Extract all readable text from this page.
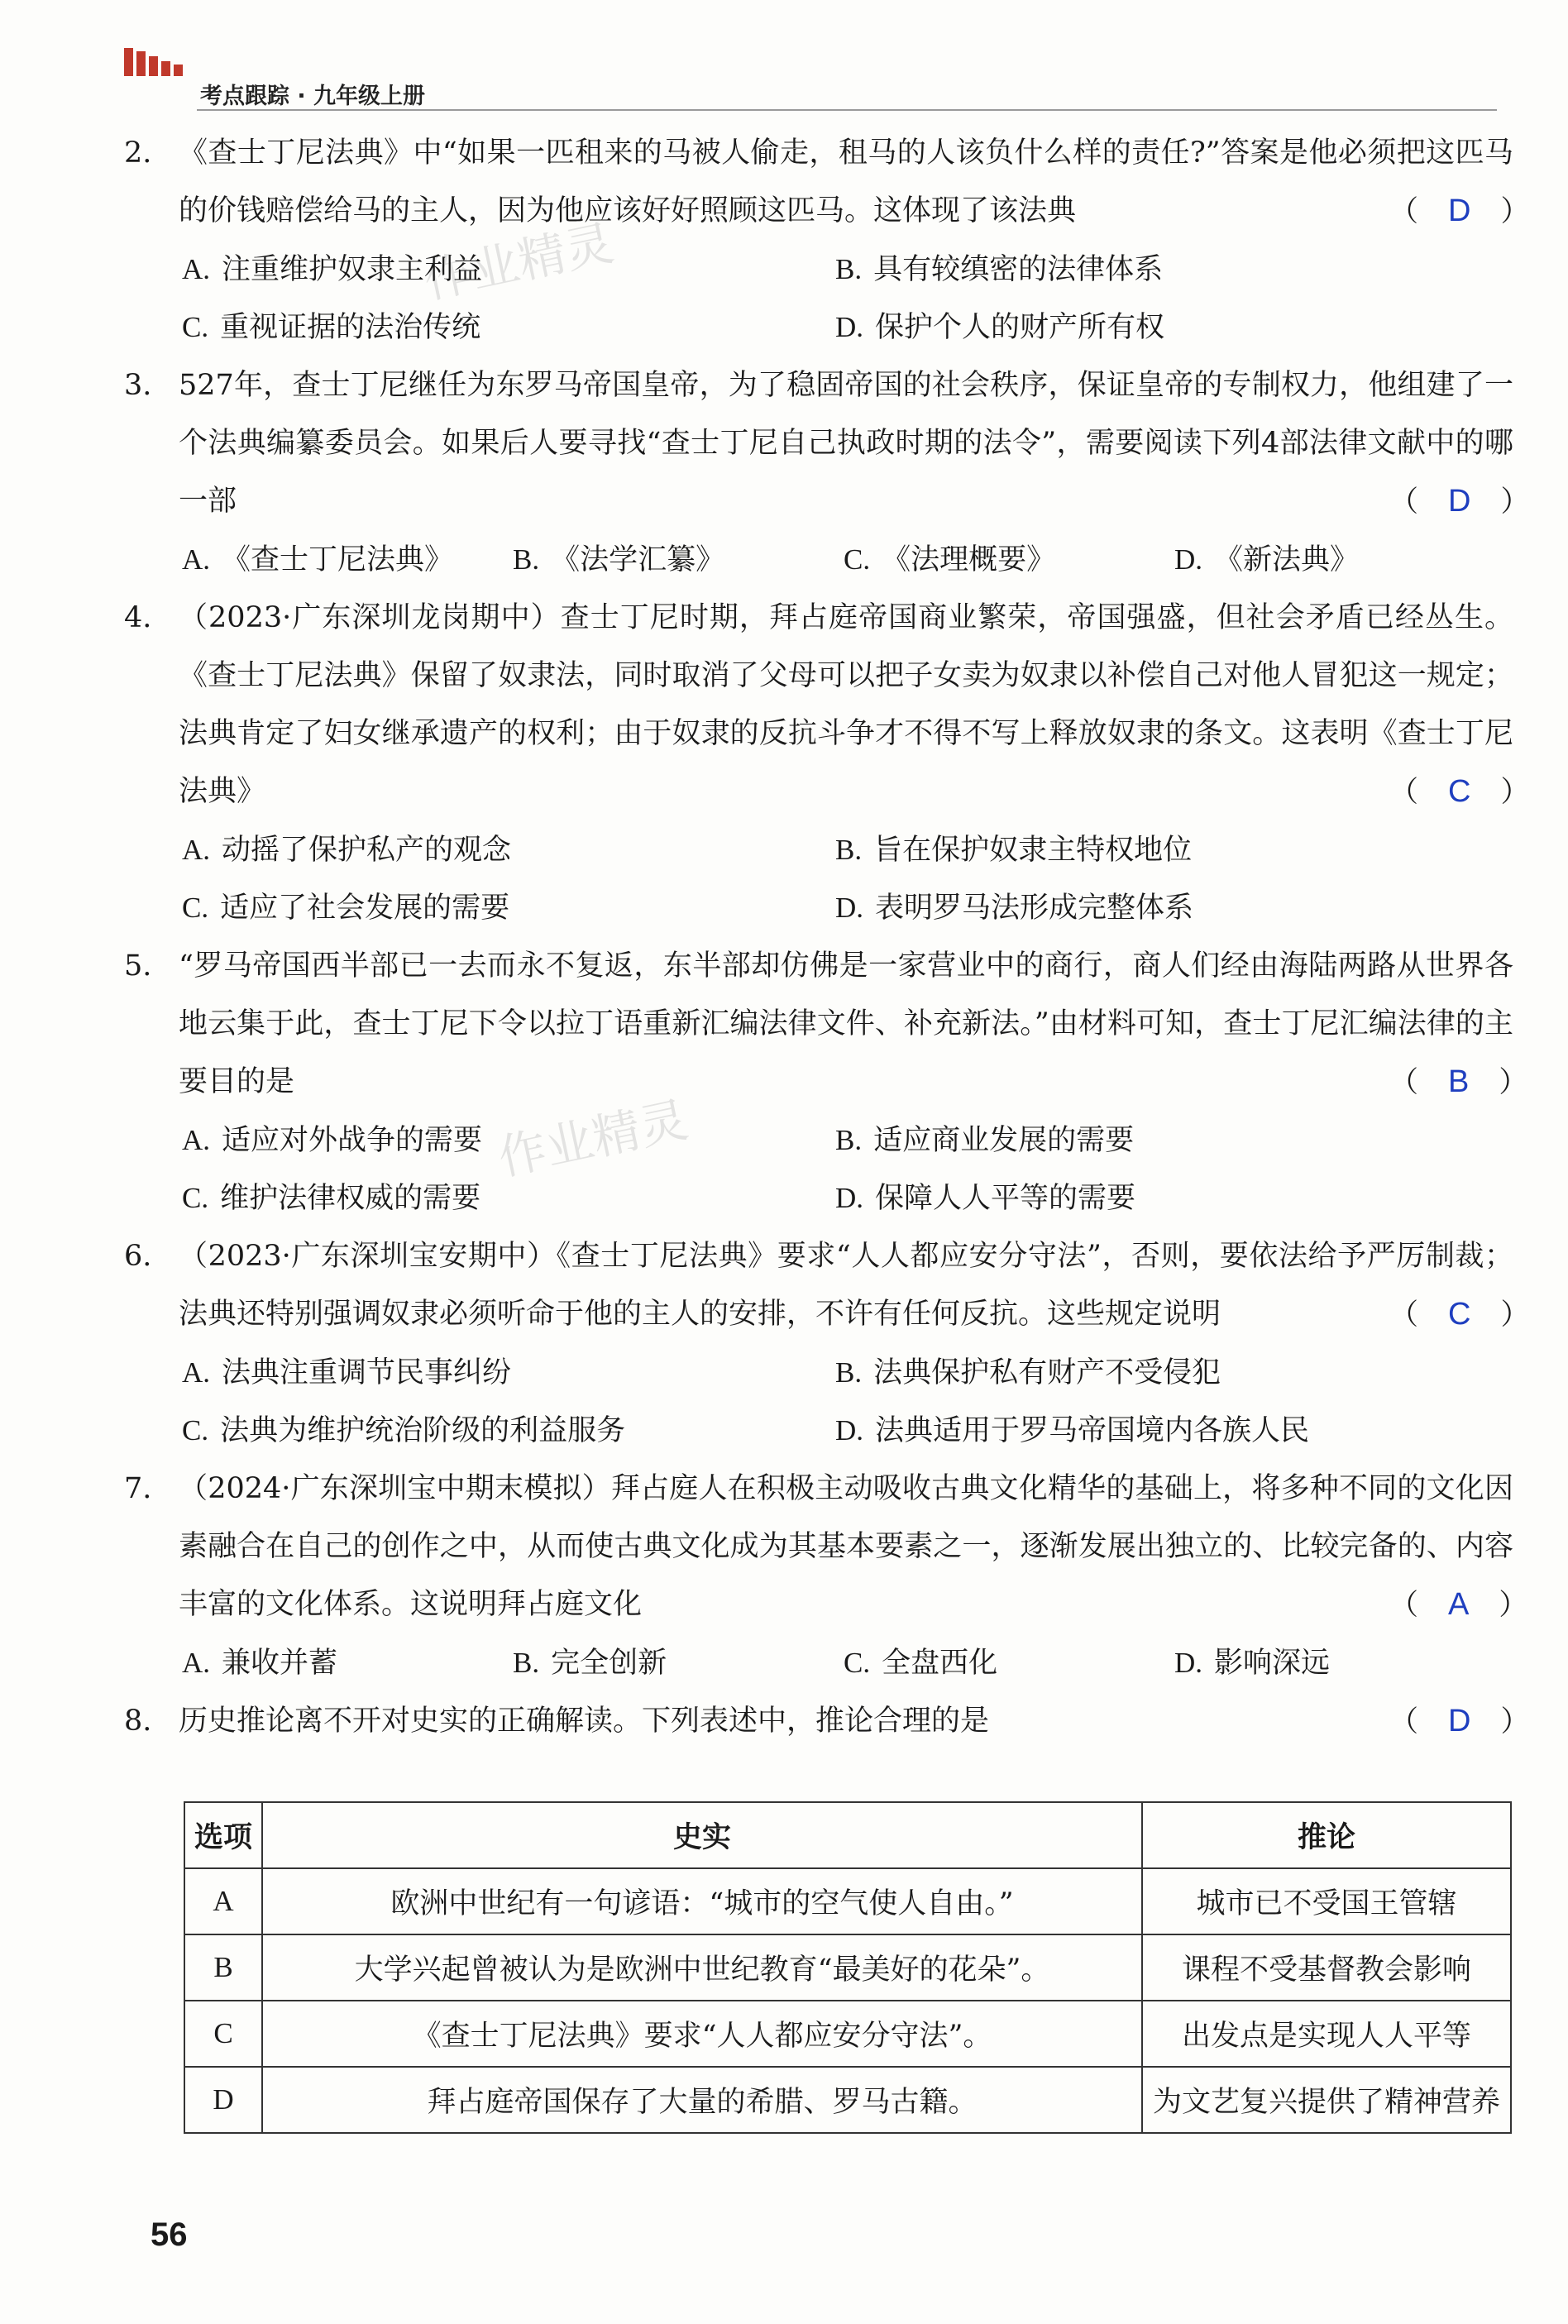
考点跟踪 · 九年级上册
作业精灵
作业精灵
2. 《查士丁尼法典》中“如果一匹租来的马被人偷走，租马的人该负什么样的责任?”答案是他必须把这匹马的价钱赔偿给马的主人，因为他应该好好照顾这匹马。这体现了该法典	（ D ）
A. 注重维护奴隶主利益	B. 具有较缜密的法律体系
C. 重视证据的法治传统	D. 保护个人的财产所有权
3. 527年，查士丁尼继任为东罗马帝国皇帝，为了稳固帝国的社会秩序，保证皇帝的专制权力，他组建了一个法典编纂委员会。如果后人要寻找“查士丁尼自己执政时期的法令”，需要阅读下列4部法律文献中的哪一部	（ D ）
A. 《查士丁尼法典》	B. 《法学汇纂》	C. 《法理概要》	D. 《新法典》
4. （2023·广东深圳龙岗期中）查士丁尼时期，拜占庭帝国商业繁荣，帝国强盛，但社会矛盾已经丛生。《查士丁尼法典》保留了奴隶法，同时取消了父母可以把子女卖为奴隶以补偿自己对他人冒犯这一规定；法典肯定了妇女继承遗产的权利；由于奴隶的反抗斗争才不得不写上释放奴隶的条文。这表明《查士丁尼法典》	（ C ）
A. 动摇了保护私产的观念	B. 旨在保护奴隶主特权地位
C. 适应了社会发展的需要	D. 表明罗马法形成完整体系
5. “罗马帝国西半部已一去而永不复返，东半部却仿佛是一家营业中的商行，商人们经由海陆两路从世界各地云集于此，查士丁尼下令以拉丁语重新汇编法律文件、补充新法。”由材料可知，查士丁尼汇编法律的主要目的是	（ B ）
A. 适应对外战争的需要	B. 适应商业发展的需要
C. 维护法律权威的需要	D. 保障人人平等的需要
6. （2023·广东深圳宝安期中）《查士丁尼法典》要求“人人都应安分守法”，否则，要依法给予严厉制裁；法典还特别强调奴隶必须听命于他的主人的安排，不许有任何反抗。这些规定说明	（ C ）
A. 法典注重调节民事纠纷	B. 法典保护私有财产不受侵犯
C. 法典为维护统治阶级的利益服务	D. 法典适用于罗马帝国境内各族人民
7. （2024·广东深圳宝中期末模拟）拜占庭人在积极主动吸收古典文化精华的基础上，将多种不同的文化因素融合在自己的创作之中，从而使古典文化成为其基本要素之一，逐渐发展出独立的、比较完备的、内容丰富的文化体系。这说明拜占庭文化	（ A ）
A. 兼收并蓄	B. 完全创新	C. 全盘西化	D. 影响深远
8. 历史推论离不开对史实的正确解读。下列表述中，推论合理的是	（ D ）
选项	史实	推论
A	欧洲中世纪有一句谚语：“城市的空气使人自由。”	城市已不受国王管辖
B	大学兴起曾被认为是欧洲中世纪教育“最美好的花朵”。	课程不受基督教会影响
C	《查士丁尼法典》要求“人人都应安分守法”。	出发点是实现人人平等
D	拜占庭帝国保存了大量的希腊、罗马古籍。	为文艺复兴提供了精神营养
56
